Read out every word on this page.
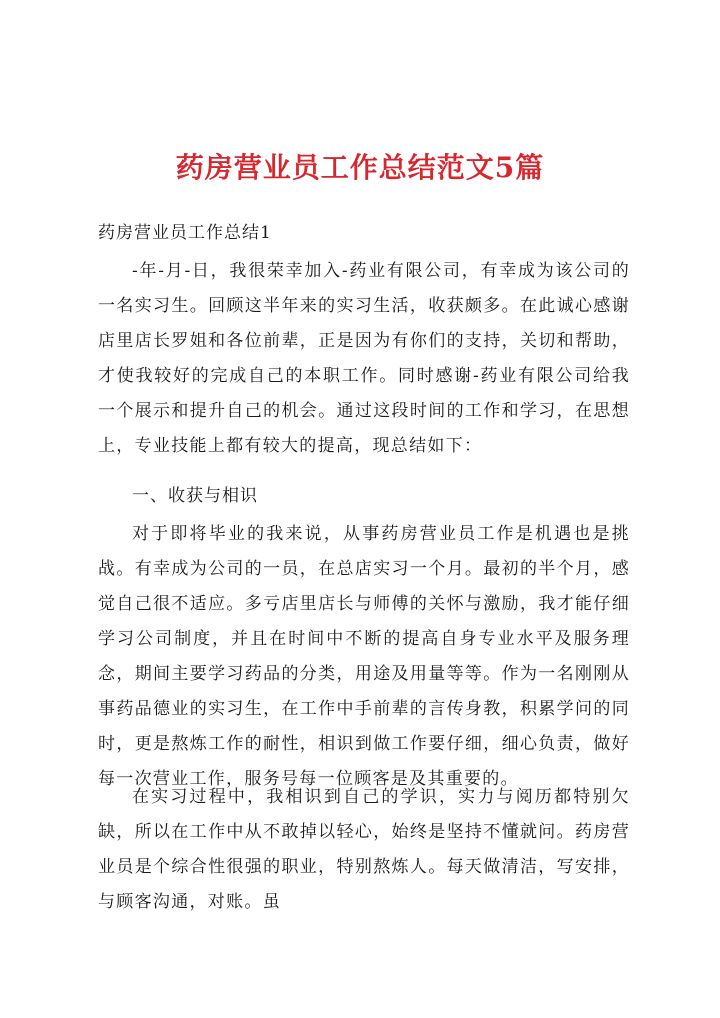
药房营业员工作总结范文5篇
药房营业员工作总结1

-年-月-日，我很荣幸加入-药业有限公司，有幸成为该公司的一名实习生。回顾这半年来的实习生活，收获颇多。在此诚心感谢店里店长罗姐和各位前辈，正是因为有你们的支持，关切和帮助，才使我较好的完成自己的本职工作。同时感谢-药业有限公司给我一个展示和提升自己的机会。通过这段时间的工作和学习，在思想上，专业技能上都有较大的提高，现总结如下：

一、收获与相识

对于即将毕业的我来说，从事药房营业员工作是机遇也是挑战。有幸成为公司的一员，在总店实习一个月。最初的半个月，感觉自己很不适应。多亏店里店长与师傅的关怀与激励，我才能仔细学习公司制度，并且在时间中不断的提高自身专业水平及服务理念，期间主要学习药品的分类，用途及用量等等。作为一名刚刚从事药品德业的实习生，在工作中手前辈的言传身教，积累学问的同时，更是熬炼工作的耐性，相识到做工作要仔细，细心负责，做好每一次营业工作，服务号每一位顾客是及其重要的。

在实习过程中，我相识到自己的学识，实力与阅历都特别欠缺，所以在工作中从不敢掉以轻心，始终是坚持不懂就问。药房营业员是个综合性很强的职业，特别熬炼人。每天做清洁，写安排，与顾客沟通，对账。虽
